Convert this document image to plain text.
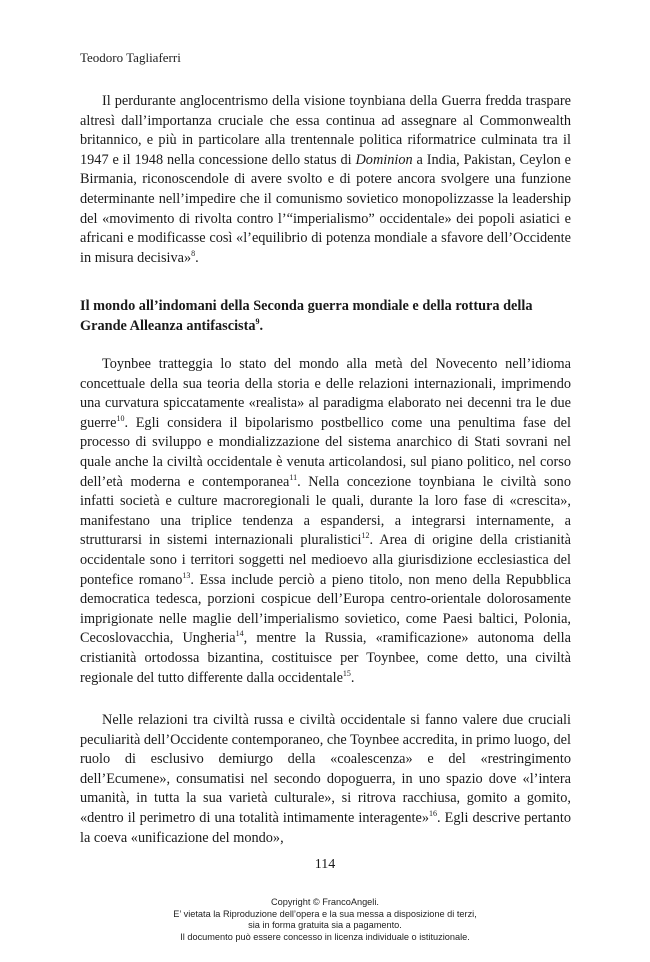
Teodoro Tagliaferri

Il perdurante anglocentrismo della visione toynbiana della Guerra fredda traspare altresì dall’importanza cruciale che essa continua ad assegnare al Commonwealth britannico, e più in particolare alla trentennale politica riformatrice culminata tra il 1947 e il 1948 nella concessione dello status di Dominion a India, Pakistan, Ceylon e Birmania, riconoscendole di avere svolto e di potere ancora svolgere una funzione determinante nell’impedire che il comunismo sovietico monopolizzasse la leadership del «movimento di rivolta contro l’“imperialismo” occidentale» dei popoli asiatici e africani e modificasse così «l’equilibrio di potenza mondiale a sfavore dell’Occidente in misura decisiva»$^8$.

Il mondo all’indomani della Seconda guerra mondiale e della rottura della Grande Alleanza antifascista$^9$.

Toynbee tratteggia lo stato del mondo alla metà del Novecento nell’idioma concettuale della sua teoria della storia e delle relazioni internazionali, imprimendo una curvatura spiccatamente «realista» al paradigma elaborato nei decenni tra le due guerre$^{10}$. Egli considera il bipolarismo postbellico come una penultima fase del processo di sviluppo e mondializzazione del sistema anarchico di Stati sovrani nel quale anche la civiltà occidentale è venuta articolandosi, sul piano politico, nel corso dell’età moderna e contemporanea$^{11}$. Nella concezione toynbiana le civiltà sono infatti società e culture macroregionali le quali, durante la loro fase di «crescita», manifestano una triplice tendenza a espandersi, a integrarsi internamente, a strutturarsi in sistemi internazionali pluralistici$^{12}$. Area di origine della cristianità occidentale sono i territori soggetti nel medioevo alla giurisdizione ecclesiastica del pontefice romano$^{13}$. Essa include perciò a pieno titolo, non meno della Repubblica democratica tedesca, porzioni cospicue dell’Europa centro-orientale dolorosamente imprigionate nelle maglie dell’imperialismo sovietico, come Paesi baltici, Polonia, Cecoslovacchia, Ungheria$^{14}$, mentre la Russia, «ramificazione» autonoma della cristianità ortodossa bizantina, costituisce per Toynbee, come detto, una civiltà regionale del tutto differente dalla occidentale$^{15}$.

Nelle relazioni tra civiltà russa e civiltà occidentale si fanno valere due cruciali peculiarità dell’Occidente contemporaneo, che Toynbee accredita, in primo luogo, del ruolo di esclusivo demiurgo della «coalescenza» e del «restringimento dell’Ecumene», consumatisi nel secondo dopoguerra, in uno spazio dove «l’intera umanità, in tutta la sua varietà culturale», si ritrova racchiusa, gomito a gomito, «dentro il perimetro di una totalità intimamente interagente»$^{16}$. Egli descrive pertanto la coeva «unificazione del mondo»,

114
Copyright © FrancoAngeli.
E’ vietata la Riproduzione dell’opera e la sua messa a disposizione di terzi,
sia in forma gratuita sia a pagamento.
Il documento può essere concesso in licenza individuale o istituzionale.
